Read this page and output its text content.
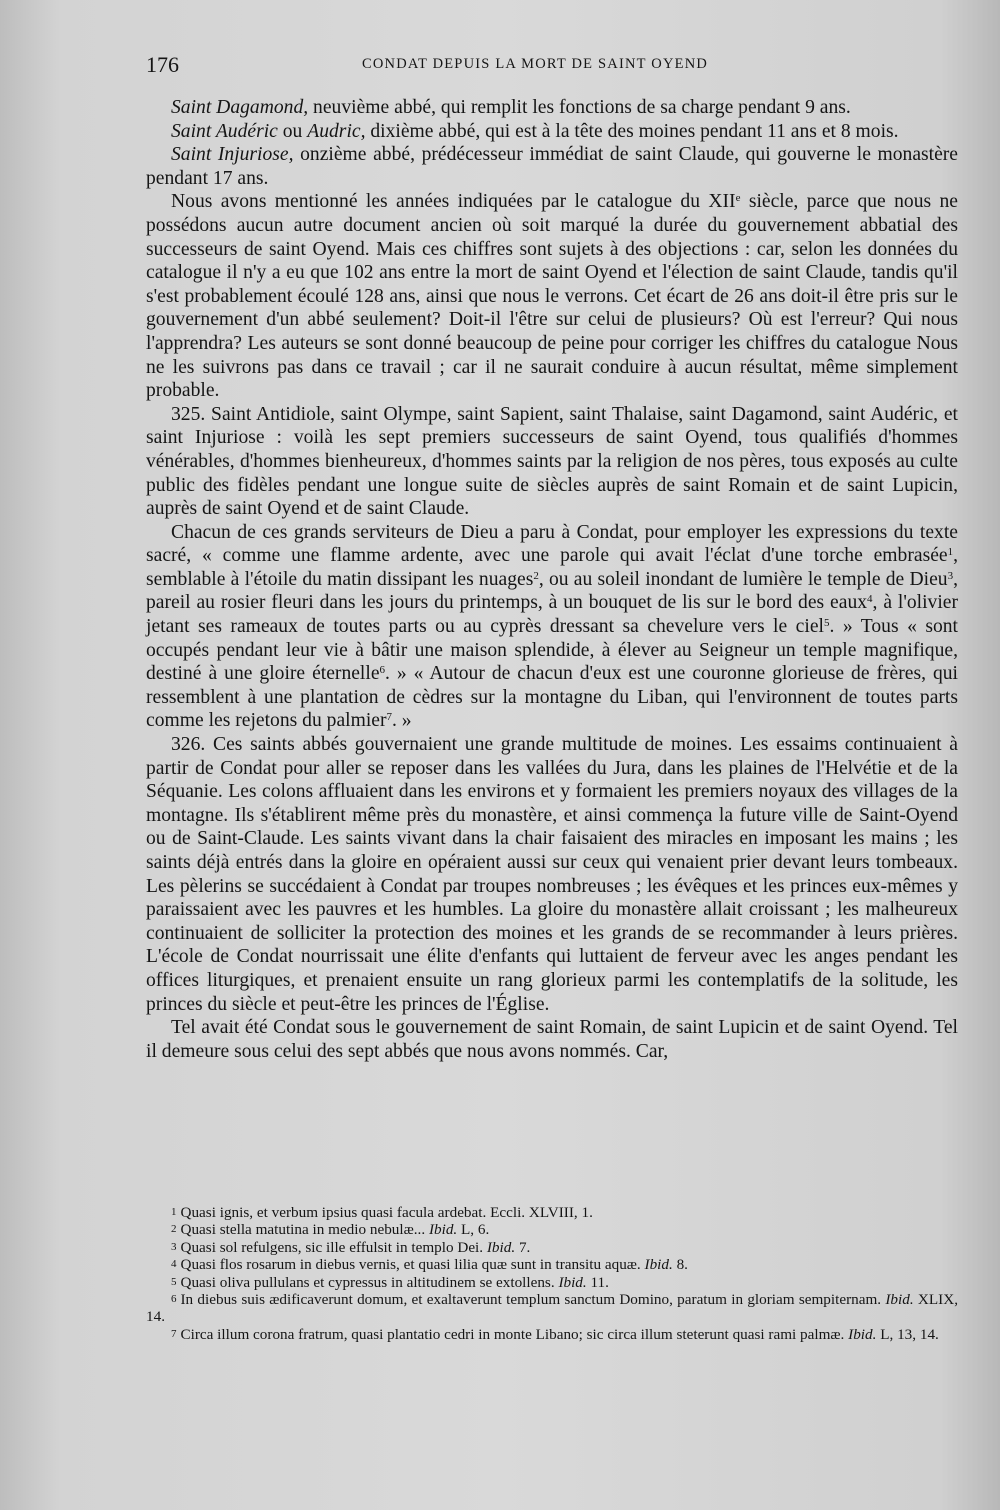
176	CONDAT DEPUIS LA MORT DE SAINT OYEND

Saint Dagamond, neuvième abbé, qui remplit les fonctions de sa charge pendant 9 ans.

Saint Audéric ou Audric, dixième abbé, qui est à la tête des moines pendant 11 ans et 8 mois.

Saint Injuriose, onzième abbé, prédécesseur immédiat de saint Claude, qui gouverne le monastère pendant 17 ans.

Nous avons mentionné les années indiquées par le catalogue du XIIe siècle, parce que nous ne possédons aucun autre document ancien où soit marqué la durée du gouvernement abbatial des successeurs de saint Oyend. Mais ces chiffres sont sujets à des objections : car, selon les données du catalogue il n'y a eu que 102 ans entre la mort de saint Oyend et l'élection de saint Claude, tandis qu'il s'est probablement écoulé 128 ans, ainsi que nous le verrons. Cet écart de 26 ans doit-il être pris sur le gouvernement d'un abbé seulement? Doit-il l'être sur celui de plusieurs? Où est l'erreur? Qui nous l'apprendra? Les auteurs se sont donné beaucoup de peine pour corriger les chiffres du catalogue Nous ne les suivrons pas dans ce travail ; car il ne saurait conduire à aucun résultat, même simplement probable.

325. Saint Antidiole, saint Olympe, saint Sapient, saint Thalaise, saint Dagamond, saint Audéric, et saint Injuriose : voilà les sept premiers successeurs de saint Oyend, tous qualifiés d'hommes vénérables, d'hommes bienheureux, d'hommes saints par la religion de nos pères, tous exposés au culte public des fidèles pendant une longue suite de siècles auprès de saint Romain et de saint Lupicin, auprès de saint Oyend et de saint Claude.

Chacun de ces grands serviteurs de Dieu a paru à Condat, pour employer les expressions du texte sacré, « comme une flamme ardente, avec une parole qui avait l'éclat d'une torche embrasée$^1$, semblable à l'étoile du matin dissipant les nuages$^2$, ou au soleil inondant de lumière le temple de Dieu$^3$, pareil au rosier fleuri dans les jours du printemps, à un bouquet de lis sur le bord des eaux$^4$, à l'olivier jetant ses rameaux de toutes parts ou au cyprès dressant sa chevelure vers le ciel$^5$. » Tous « sont occupés pendant leur vie à bâtir une maison splendide, à élever au Seigneur un temple magnifique, destiné à une gloire éternelle$^6$. » « Autour de chacun d'eux est une couronne glorieuse de frères, qui ressemblent à une plantation de cèdres sur la montagne du Liban, qui l'environnent de toutes parts comme les rejetons du palmier$^7$. »

326. Ces saints abbés gouvernaient une grande multitude de moines. Les essaims continuaient à partir de Condat pour aller se reposer dans les vallées du Jura, dans les plaines de l'Helvétie et de la Séquanie. Les colons affluaient dans les environs et y formaient les premiers noyaux des villages de la montagne. Ils s'établirent même près du monastère, et ainsi commença la future ville de Saint-Oyend ou de Saint-Claude. Les saints vivant dans la chair faisaient des miracles en imposant les mains ; les saints déjà entrés dans la gloire en opéraient aussi sur ceux qui venaient prier devant leurs tombeaux. Les pèlerins se succédaient à Condat par troupes nombreuses ; les évêques et les princes eux-mêmes y paraissaient avec les pauvres et les humbles. La gloire du monastère allait croissant ; les malheureux continuaient de solliciter la protection des moines et les grands de se recommander à leurs prières. L'école de Condat nourrissait une élite d'enfants qui luttaient de ferveur avec les anges pendant les offices liturgiques, et prenaient ensuite un rang glorieux parmi les contemplatifs de la solitude, les princes du siècle et peut-être les princes de l'Église.

Tel avait été Condat sous le gouvernement de saint Romain, de saint Lupicin et de saint Oyend. Tel il demeure sous celui des sept abbés que nous avons nommés. Car,

1 Quasi ignis, et verbum ipsius quasi facula ardebat. Eccli. XLVIII, 1.

2 Quasi stella matutina in medio nebulæ... Ibid. L, 6.

3 Quasi sol refulgens, sic ille effulsit in templo Dei. Ibid. 7.

4 Quasi flos rosarum in diebus vernis, et quasi lilia quæ sunt in transitu aquæ. Ibid. 8.

5 Quasi oliva pullulans et cypressus in altitudinem se extollens. Ibid. 11.

6 In diebus suis ædificaverunt domum, et exaltaverunt templum sanctum Domino, paratum in gloriam sempiternam. Ibid. XLIX, 14.

7 Circa illum corona fratrum, quasi plantatio cedri in monte Libano; sic circa illum steterunt quasi rami palmæ. Ibid. L, 13, 14.
